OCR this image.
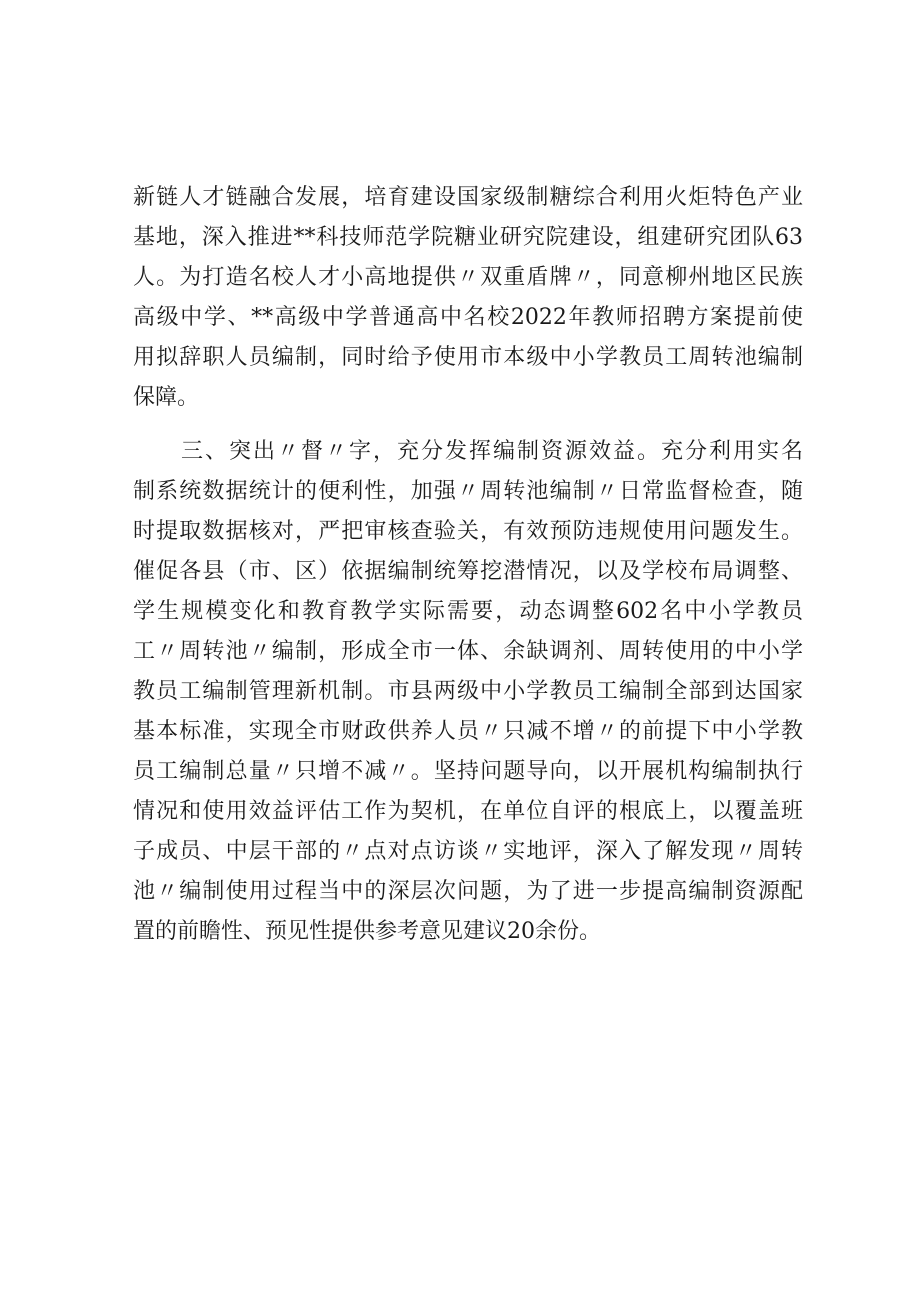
新链人才链融合发展，培育建设国家级制糖综合利用火炬特色产业
基地，深入推进**科技师范学院糖业研究院建设，组建研究团队63
人。为打造名校人才小高地提供〃双重盾牌〃，同意柳州地区民族
高级中学、**高级中学普通高中名校2022年教师招聘方案提前使
用拟辞职人员编制，同时给予使用市本级中小学教员工周转池编制
保障。
　　三、突出〃督〃字，充分发挥编制资源效益。充分利用实名
制系统数据统计的便利性，加强〃周转池编制〃日常监督检查，随
时提取数据核对，严把审核查验关，有效预防违规使用问题发生。
催促各县（市、区）依据编制统筹挖潜情况，以及学校布局调整、
学生规模变化和教育教学实际需要，动态调整602名中小学教员
工〃周转池〃编制，形成全市一体、余缺调剂、周转使用的中小学
教员工编制管理新机制。市县两级中小学教员工编制全部到达国家
基本标准，实现全市财政供养人员〃只减不增〃的前提下中小学教
员工编制总量〃只增不减〃。坚持问题导向，以开展机构编制执行
情况和使用效益评估工作为契机，在单位自评的根底上，以覆盖班
子成员、中层干部的〃点对点访谈〃实地评，深入了解发现〃周转
池〃编制使用过程当中的深层次问题，为了进一步提高编制资源配
置的前瞻性、预见性提供参考意见建议20余份。
